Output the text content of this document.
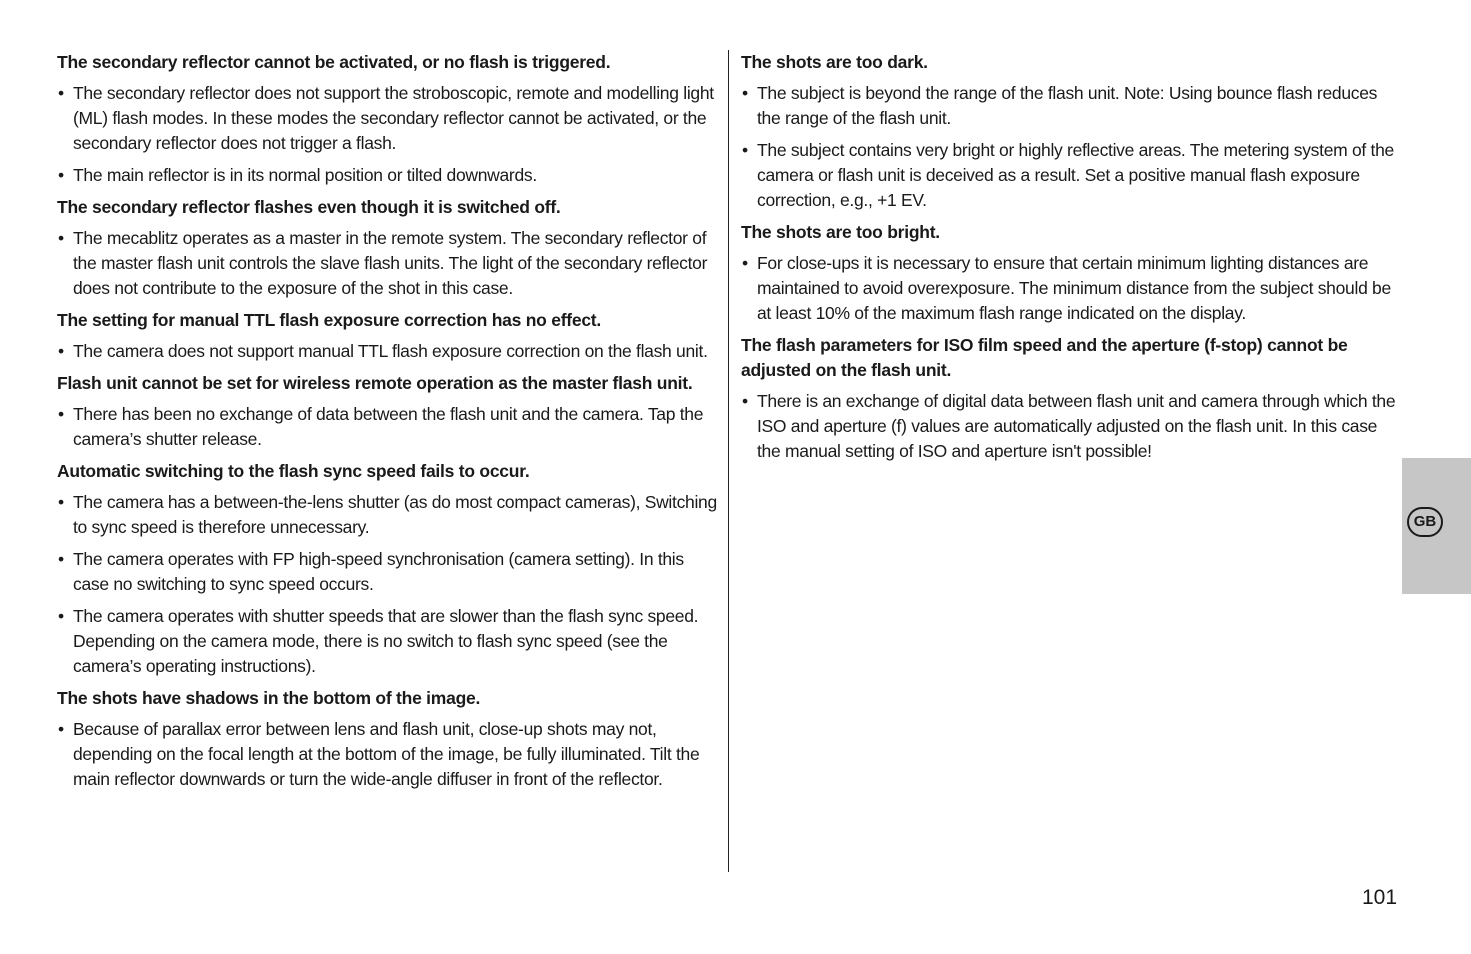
The secondary reflector cannot be activated, or no flash is triggered.
• The secondary reflector does not support the stroboscopic, remote and modelling light (ML) flash modes. In these modes the secondary reflector cannot be activated, or the secondary reflector does not trigger a flash.
• The main reflector is in its normal position or tilted downwards.
The secondary reflector flashes even though it is switched off.
• The mecablitz operates as a master in the remote system. The secondary reflector of the master flash unit controls the slave flash units. The light of the secondary reflector does not contribute to the exposure of the shot in this case.
The setting for manual TTL flash exposure correction has no effect.
• The camera does not support manual TTL flash exposure correction on the flash unit.
Flash unit cannot be set for wireless remote operation as the master flash unit.
• There has been no exchange of data between the flash unit and the camera. Tap the camera’s shutter release.
Automatic switching to the flash sync speed fails to occur.
• The camera has a between-the-lens shutter (as do most compact cameras), Switching to sync speed is therefore unnecessary.
• The camera operates with FP high-speed synchronisation (camera setting). In this case no switching to sync speed occurs.
• The camera operates with shutter speeds that are slower than the flash sync speed. Depending on the camera mode, there is no switch to flash sync speed (see the camera’s operating instructions).
The shots have shadows in the bottom of the image.
• Because of parallax error between lens and flash unit, close-up shots may not, depending on the focal length at the bottom of the image, be fully illuminated. Tilt the main reflector downwards or turn the wide-angle diffuser in front of the reflector.
The shots are too dark.
• The subject is beyond the range of the flash unit. Note: Using bounce flash reduces the range of the flash unit.
• The subject contains very bright or highly reflective areas. The metering system of the camera or flash unit is deceived as a result. Set a positive manual flash exposure correction, e.g., +1 EV.
The shots are too bright.
• For close-ups it is necessary to ensure that certain minimum lighting distances are maintained to avoid overexposure. The minimum distance from the subject should be at least 10% of the maximum flash range indicated on the display.
The flash parameters for ISO film speed and the aperture (f-stop) cannot be adjusted on the flash unit.
• There is an exchange of digital data between flash unit and camera through which the ISO and aperture (f) values are automatically adjusted on the flash unit. In this case the manual setting of ISO and aperture isn't possible!
GB
101
